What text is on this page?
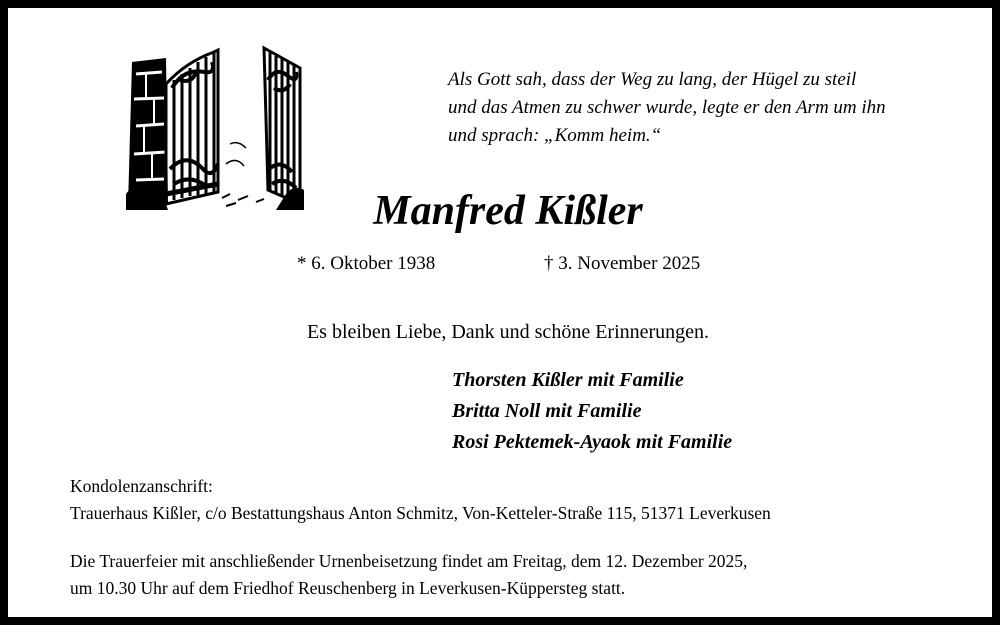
Als Gott sah, dass der Weg zu lang, der Hügel zu steil
und das Atmen zu schwer wurde, legte er den Arm um ihn
und sprach: „Komm heim.“
Manfred Kißler
* 6. Oktober 1938	† 3. November 2025
Es bleiben Liebe, Dank und schöne Erinnerungen.
Thorsten Kißler mit Familie
Britta Noll mit Familie
Rosi Pektemek-Ayaok mit Familie
Kondolenzanschrift:
Trauerhaus Kißler, c/o Bestattungshaus Anton Schmitz, Von-Ketteler-Straße 115, 51371 Leverkusen
Die Trauerfeier mit anschließender Urnenbeisetzung findet am Freitag, dem 12. Dezember 2025,
um 10.30 Uhr auf dem Friedhof Reuschenberg in Leverkusen-Küppersteg statt.
